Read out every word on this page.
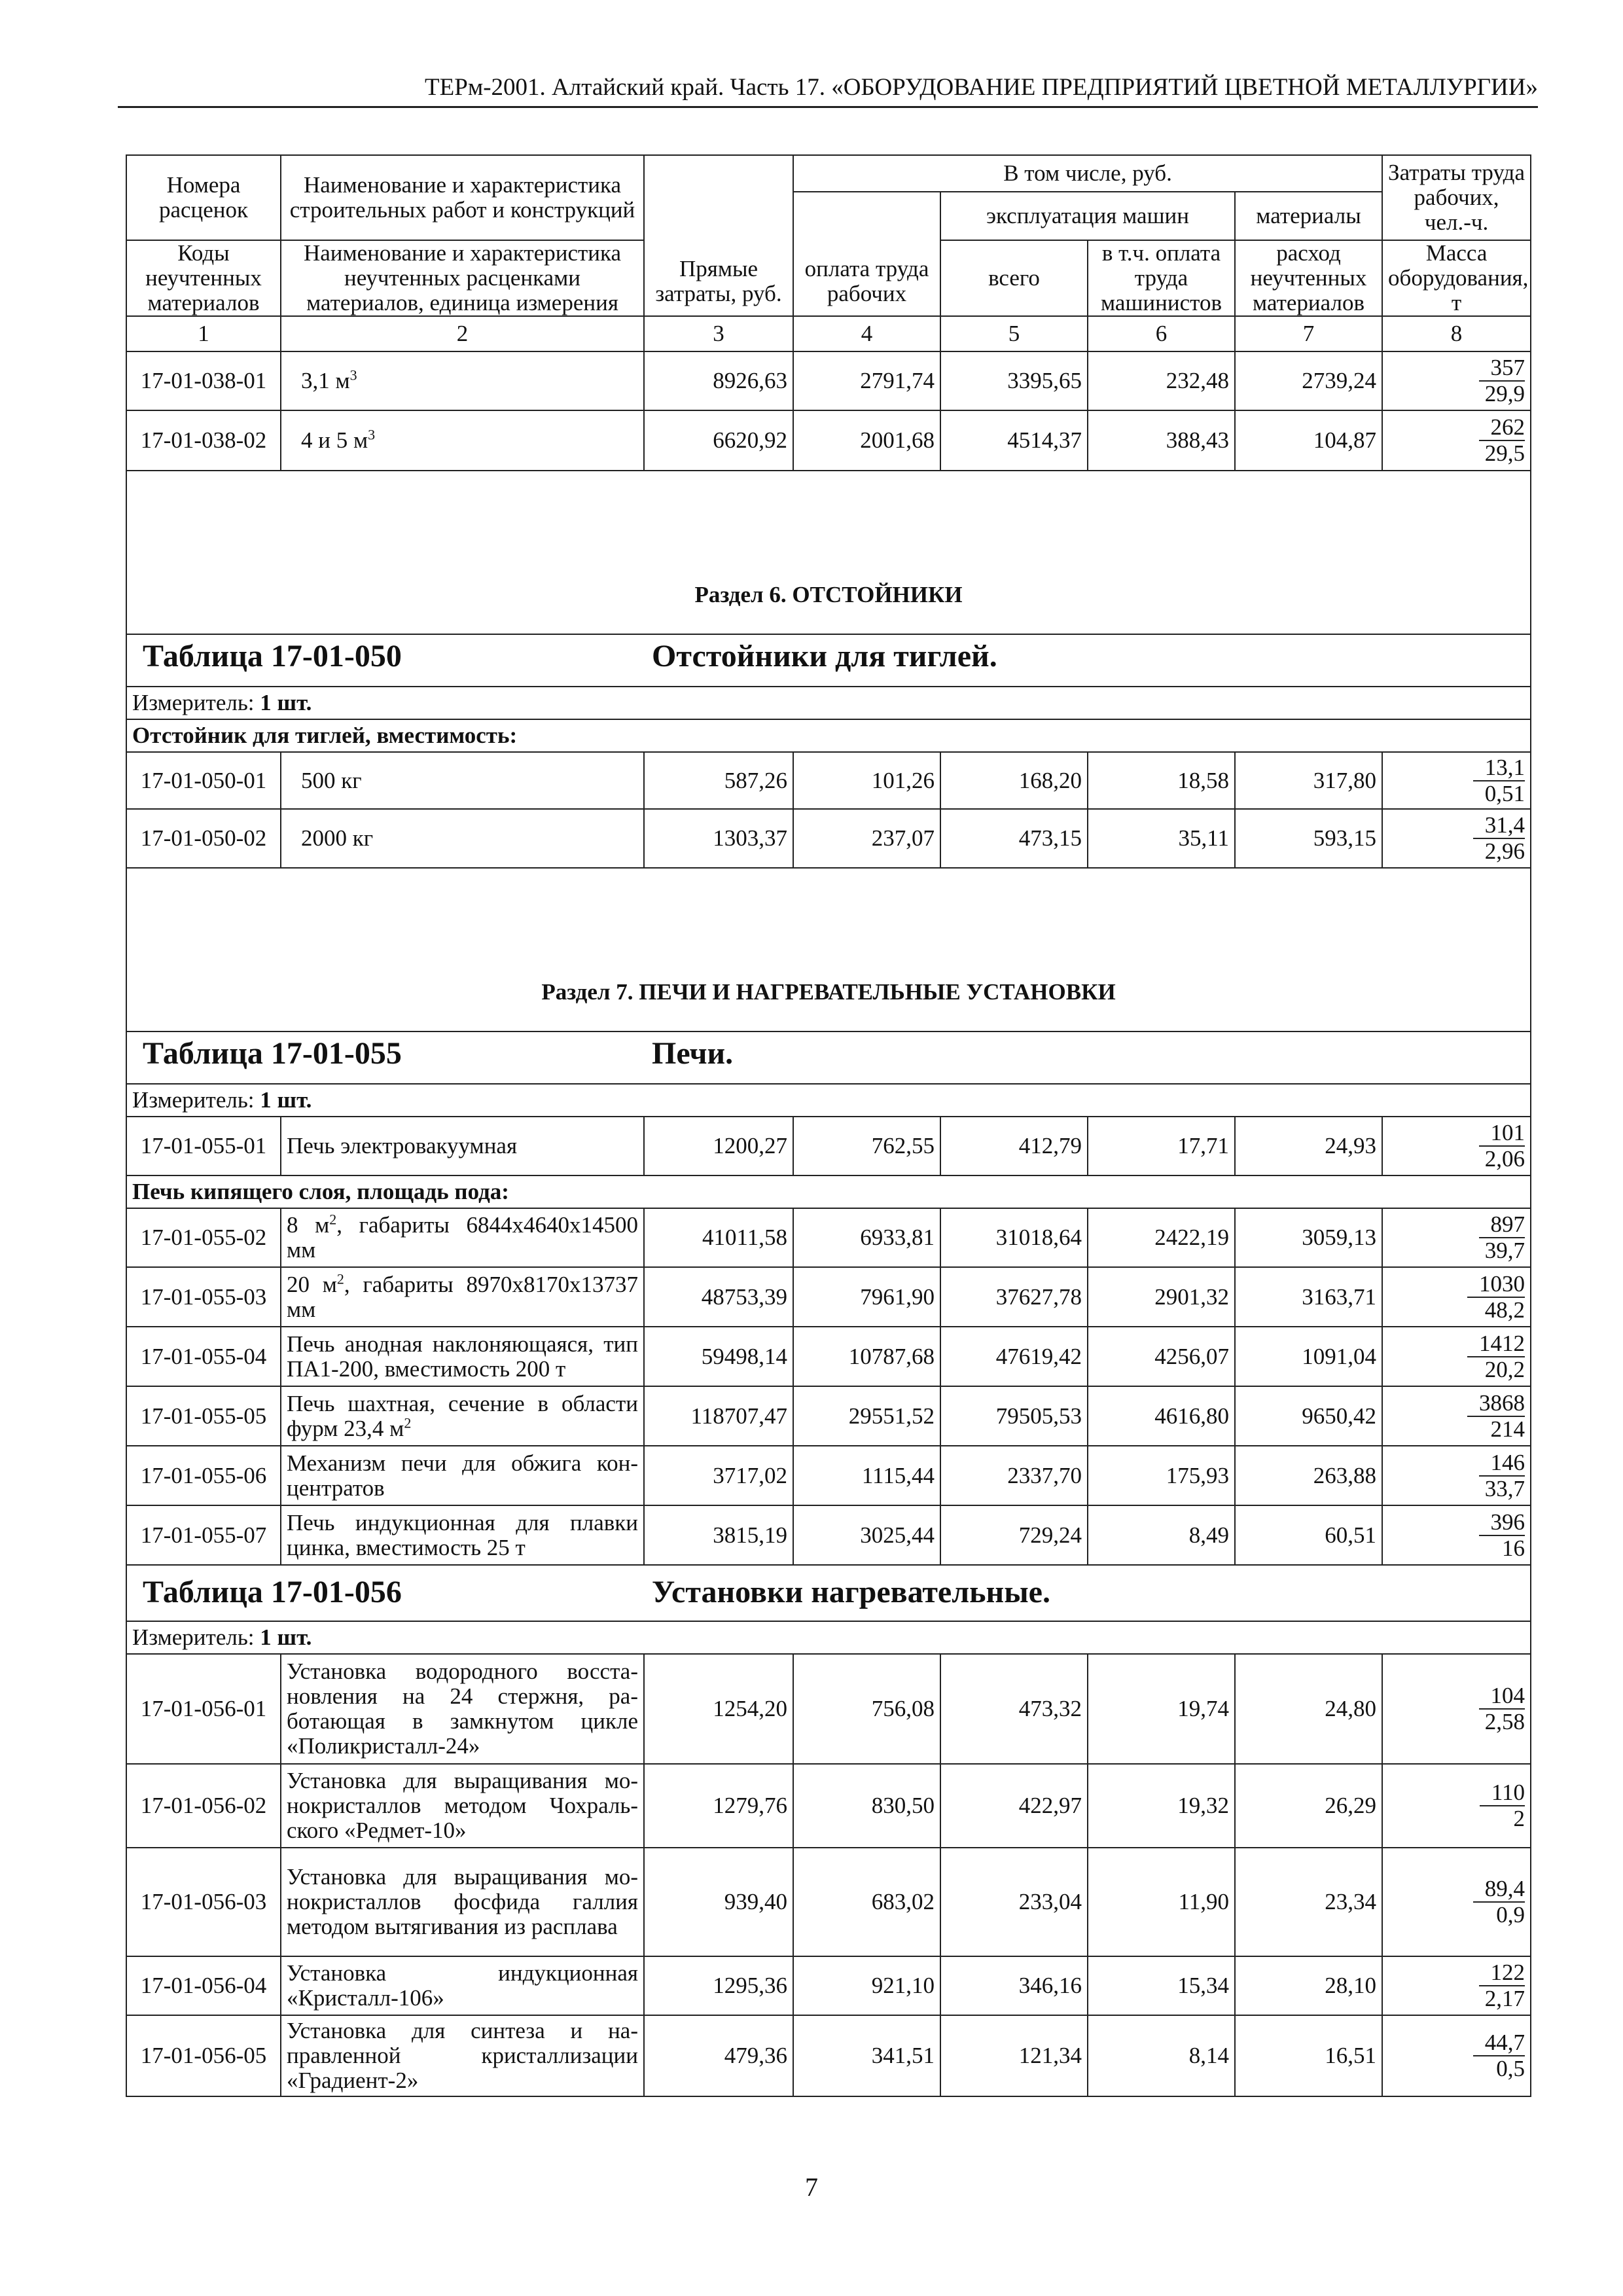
ТЕРм-2001. Алтайский край. Часть 17. «ОБОРУДОВАНИЕ ПРЕДПРИЯТИЙ ЦВЕТНОЙ МЕТАЛЛУРГИИ»
Номера расценок	Наименование и характеристика строительных работ и конструкций	Прямые затраты, руб.	В том числе, руб.				Затраты труда рабочих, чел.-ч.
			оплата труда рабочих	эксплуатация машин		материалы	
Коды неучтенных материалов	Наименование и характеристика неучтенных расценками материалов, единица измерения			всего	в т.ч. оплата труда машинистов	расход неучтенных материалов	Масса оборудования, т
1	2	3	4	5	6	7	8
17-01-038-01	3,1 $м^3$	8926,63	2791,74	3395,65	232,48	2739,24	$\frac{357}{29,9}$

17-01-038-02	4 и 5 $м^3$	6620,92	2001,68	4514,37	388,43	104,87	$\frac{262}{29,5}$

Раздел 6. ОТСТОЙНИКИ							

Таблица 17-01-050 Отстойники для тиглей.							

Измеритель: 1 шт.							
Отстойник для тиглей, вместимость:							
17-01-050-01	500 кг	587,26	101,26	168,20	18,58	317,80	$\frac{13,1}{0,51}$

17-01-050-02	2000 кг	1303,37	237,07	473,15	35,11	593,15	$\frac{31,4}{2,96}$

Раздел 7. ПЕЧИ И НАГРЕВАТЕЛЬНЫЕ УСТАНОВКИ							

Таблица 17-01-055 Печи.							

Измеритель: 1 шт.							
17-01-055-01	Печь электровакуумная	1200,27	762,55	412,79	17,71	24,93	$\frac{101}{2,06}$

Печь кипящего слоя, площадь пода:							
17-01-055-02	8 $м^2$, габариты 6844х4640х14500 мм	41011,58	6933,81	31018,64	2422,19	3059,13	$\frac{897}{39,7}$

17-01-055-03	20 $м^2$, габариты 8970х8170х13737 мм	48753,39	7961,90	37627,78	2901,32	3163,71	$\frac{1030}{48,2}$

17-01-055-04	Печь анодная наклоняющаяся, тип ПА1-200, вместимость 200 т	59498,14	10787,68	47619,42	4256,07	1091,04	$\frac{1412}{20,2}$

17-01-055-05	Печь шахтная, сечение в области фурм 23,4 $м^2$	118707,47	29551,52	79505,53	4616,80	9650,42	$\frac{3868}{214}$

17-01-055-06	Механизм печи для обжига концентратов	3717,02	1115,44	2337,70	175,93	263,88	$\frac{146}{33,7}$

17-01-055-07	Печь индукционная для плавки цинка, вместимость 25 т	3815,19	3025,44	729,24	8,49	60,51	$\frac{396}{16}$

Таблица 17-01-056 Установки нагревательные.							

Измеритель: 1 шт.							
17-01-056-01	Установка водородного восстановления на 24 стержня, работающая в замкнутом цикле «Поликристалл-24»	1254,20	756,08	473,32	19,74	24,80	$\frac{104}{2,58}$

17-01-056-02	Установка для выращивания монокристаллов методом Чохральского «Редмет-10»	1279,76	830,50	422,97	19,32	26,29	$\frac{110}{2}$

17-01-056-03	Установка для выращивания монокристаллов фосфида галлия методом вытягивания из расплава	939,40	683,02	233,04	11,90	23,34	$\frac{89,4}{0,9}$

17-01-056-04	Установка индукционная «Кристалл-106»	1295,36	921,10	346,16	15,34	28,10	$\frac{122}{2,17}$

17-01-056-05	Установка для синтеза и направленной кристаллизации «Градиент-2»	479,36	341,51	121,34	8,14	16,51	$\frac{44,7}{0,5}$
7
